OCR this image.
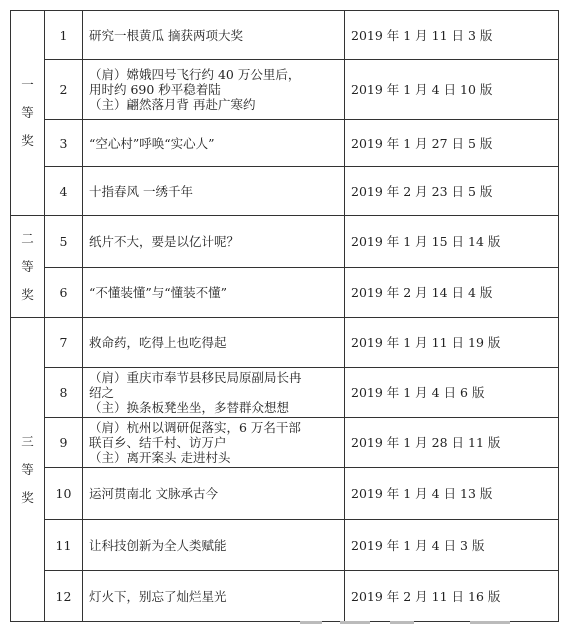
一等奖	1	研究一根黄瓜 摘获两项大奖	2019 年 1 月 11 日 3 版
	2	（肩）嫦娥四号飞行约 40 万公里后，
用时约 690 秒平稳着陆
（主）翩然落月背 再赴广寒约	2019 年 1 月 4 日 10 版
	3	“空心村”呼唤“实心人”	2019 年 1 月 27 日 5 版
	4	十指春风 一绣千年	2019 年 2 月 23 日 5 版
二等奖	5	纸片不大，要是以亿计呢？	2019 年 1 月 15 日 14 版
	6	“不懂装懂”与“懂装不懂”	2019 年 2 月 14 日 4 版
三等奖	7	救命药，吃得上也吃得起	2019 年 1 月 11 日 19 版
	8	（肩）重庆市奉节县移民局原副局长冉
绍之
（主）换条板凳坐坐，多替群众想想	2019 年 1 月 4 日 6 版
	9	（肩）杭州以调研促落实，6 万名干部
联百乡、结千村、访万户
（主）离开案头 走进村头	2019 年 1 月 28 日 11 版
	10	运河贯南北 文脉承古今	2019 年 1 月 4 日 13 版
	11	让科技创新为全人类赋能	2019 年 1 月 4 日 3 版
	12	灯火下，别忘了灿烂星光	2019 年 2 月 11 日 16 版
